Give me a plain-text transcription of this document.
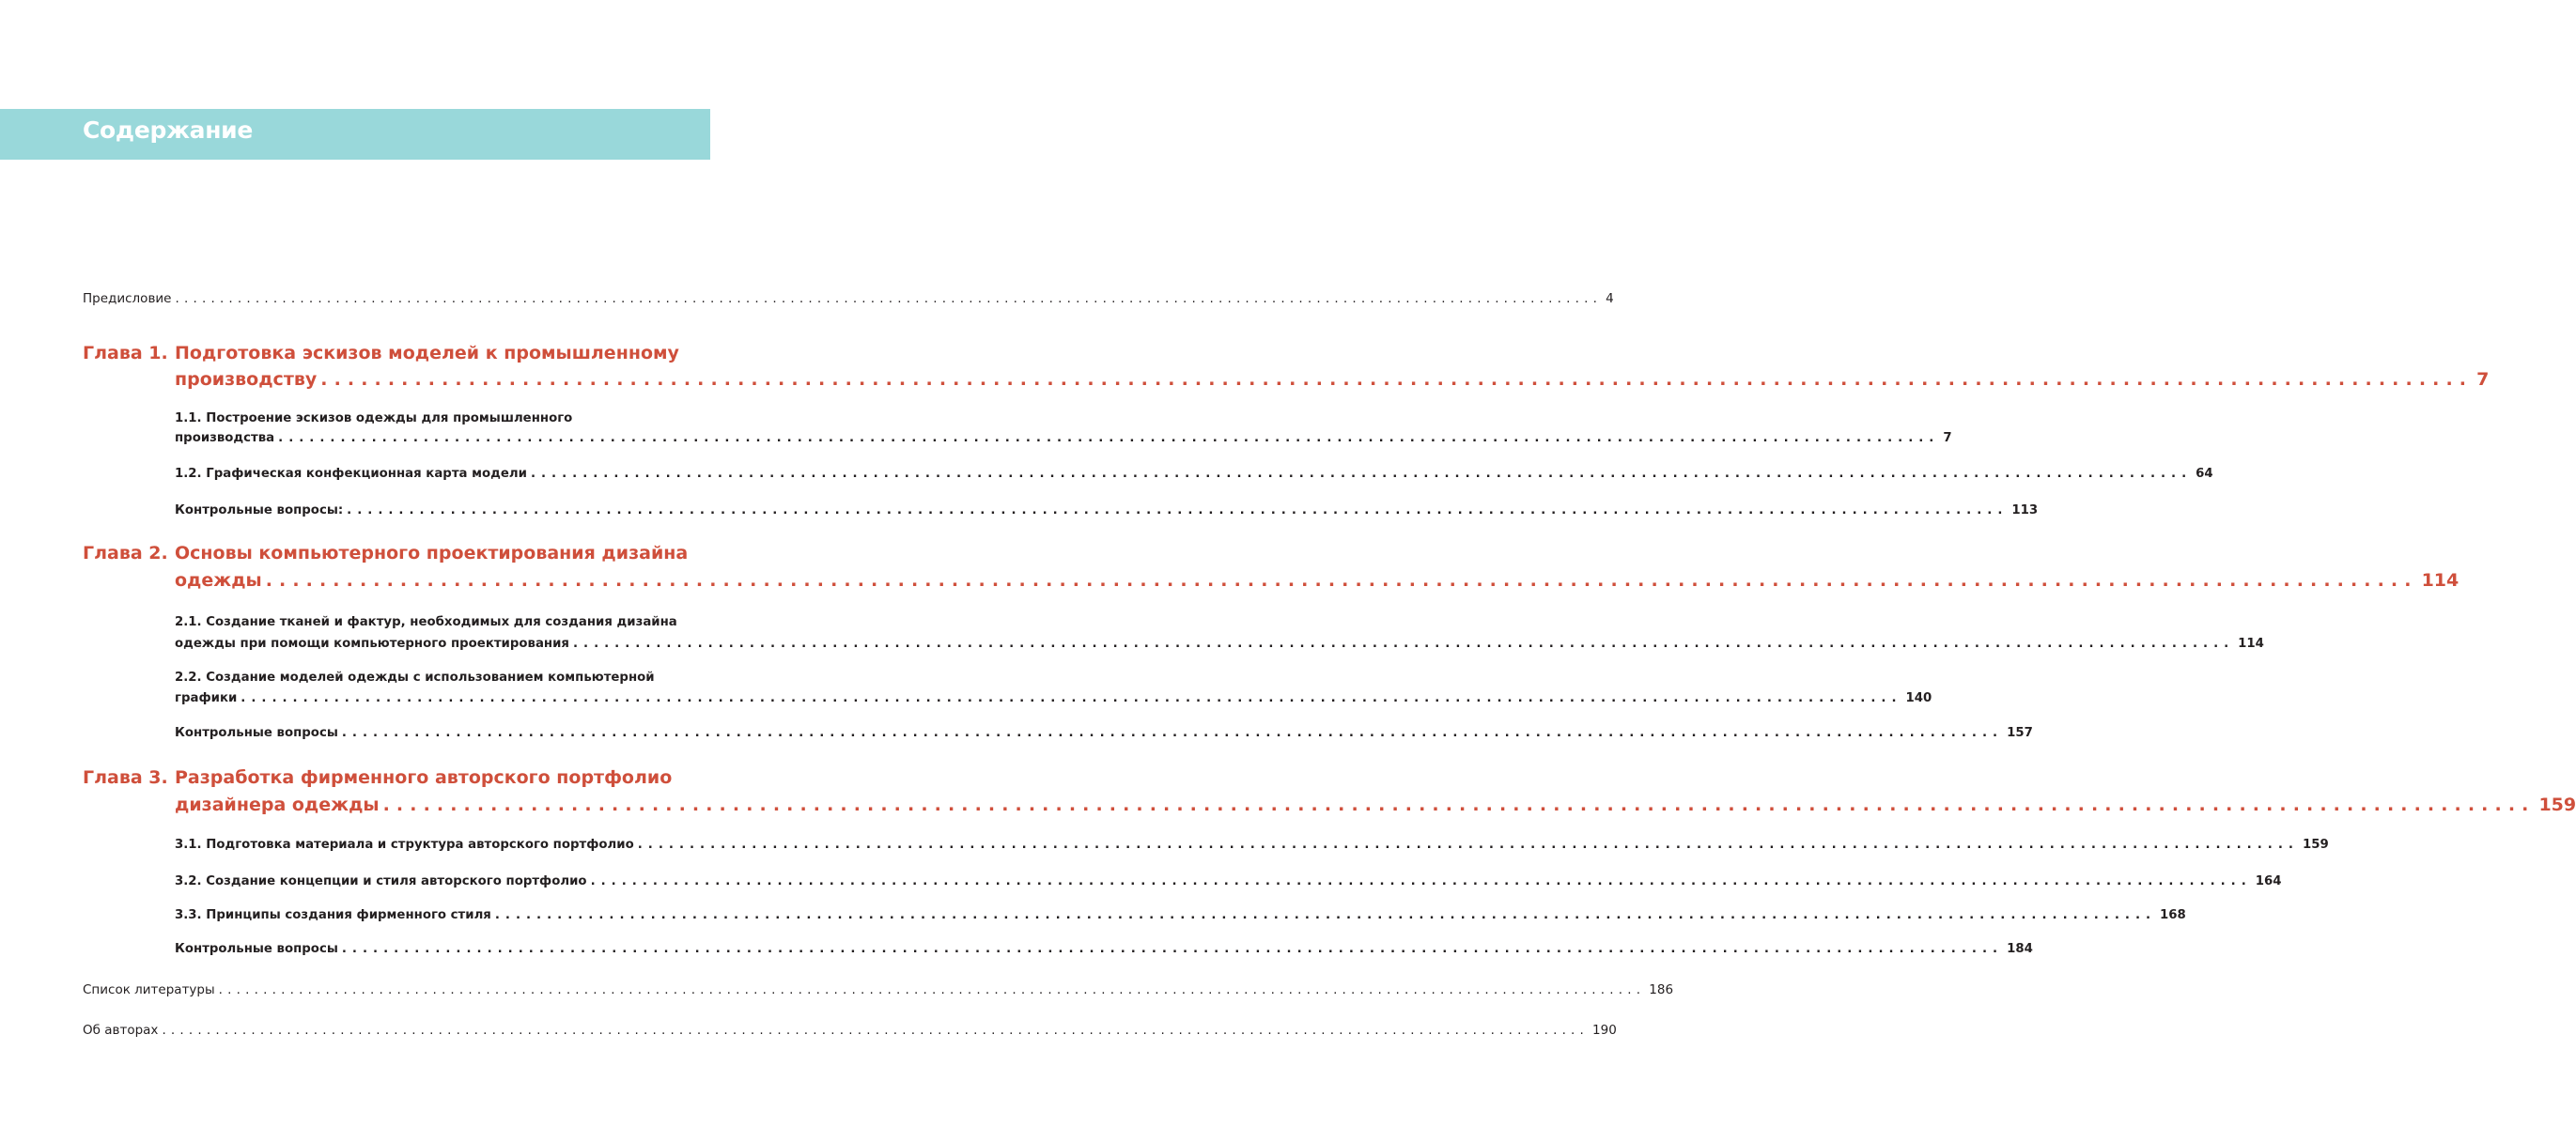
Содержание
Предисловие ................................................................................................................................................................ 4
Глава 1. Подготовка эскизов моделей к промышленному
производству ................................................................................................................................................................ 7
1.1. Построение эскизов одежды для промышленного
производства ................................................................................................................................................................ 7
1.2. Графическая конфекционная карта модели ................................................................................................................................................................ 64
Контрольные вопросы: ................................................................................................................................................................ 113
Глава 2. Основы компьютерного проектирования дизайна
одежды ................................................................................................................................................................ 114
2.1. Создание тканей и фактур, необходимых для создания дизайна
одежды при помощи компьютерного проектирования ................................................................................................................................................................ 114
2.2. Создание моделей одежды с использованием компьютерной
графики ................................................................................................................................................................ 140
Контрольные вопросы ................................................................................................................................................................ 157
Глава 3. Разработка фирменного авторского портфолио
дизайнера одежды ................................................................................................................................................................ 159
3.1. Подготовка материала и структура авторского портфолио ................................................................................................................................................................ 159
3.2. Создание концепции и стиля авторского портфолио ................................................................................................................................................................ 164
3.3. Принципы создания фирменного стиля ................................................................................................................................................................ 168
Контрольные вопросы ................................................................................................................................................................ 184
Список литературы ................................................................................................................................................................ 186
Об авторах ................................................................................................................................................................ 190
